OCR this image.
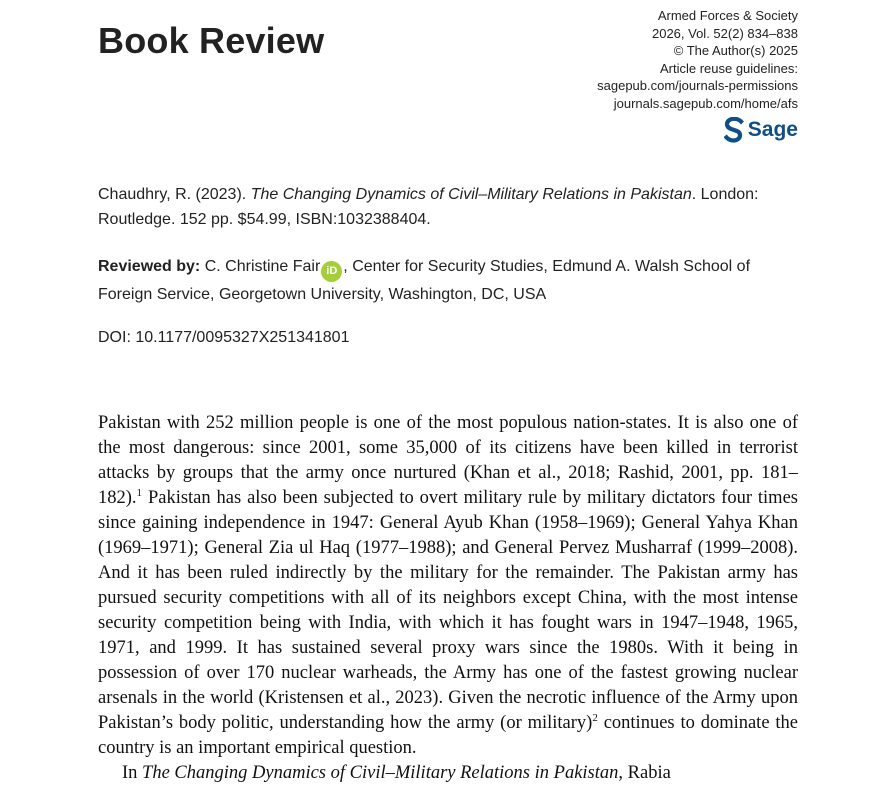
Book Review
Armed Forces & Society
2026, Vol. 52(2) 834–838
© The Author(s) 2025
Article reuse guidelines:
sagepub.com/journals-permissions
journals.sagepub.com/home/afs
Sage
Chaudhry, R. (2023). The Changing Dynamics of Civil–Military Relations in Pakistan. London: Routledge. 152 pp. $54.99, ISBN:1032388404.
Reviewed by: C. Christine Fair iD , Center for Security Studies, Edmund A. Walsh School of Foreign Service, Georgetown University, Washington, DC, USA
DOI: 10.1177/0095327X251341801

Pakistan with 252 million people is one of the most populous nation-states. It is also one of the most dangerous: since 2001, some 35,000 of its citizens have been killed in terrorist attacks by groups that the army once nurtured (Khan et al., 2018; Rashid, 2001, pp. 181–182).$^1$ Pakistan has also been subjected to overt military rule by military dictators four times since gaining independence in 1947: General Ayub Khan (1958–1969); General Yahya Khan (1969–1971); General Zia ul Haq (1977–1988); and General Pervez Musharraf (1999–2008). And it has been ruled indirectly by the military for the remainder. The Pakistan army has pursued security competitions with all of its neighbors except China, with the most intense security competition being with India, with which it has fought wars in 1947–1948, 1965, 1971, and 1999. It has sustained several proxy wars since the 1980s. With it being in possession of over 170 nuclear warheads, the Army has one of the fastest growing nuclear arsenals in the world (Kristensen et al., 2023). Given the necrotic influence of the Army upon Pakistan’s body politic, understanding how the army (or military)$^2$ continues to dominate the country is an important empirical question.

In The Changing Dynamics of Civil–Military Relations in Pakistan, Rabia
